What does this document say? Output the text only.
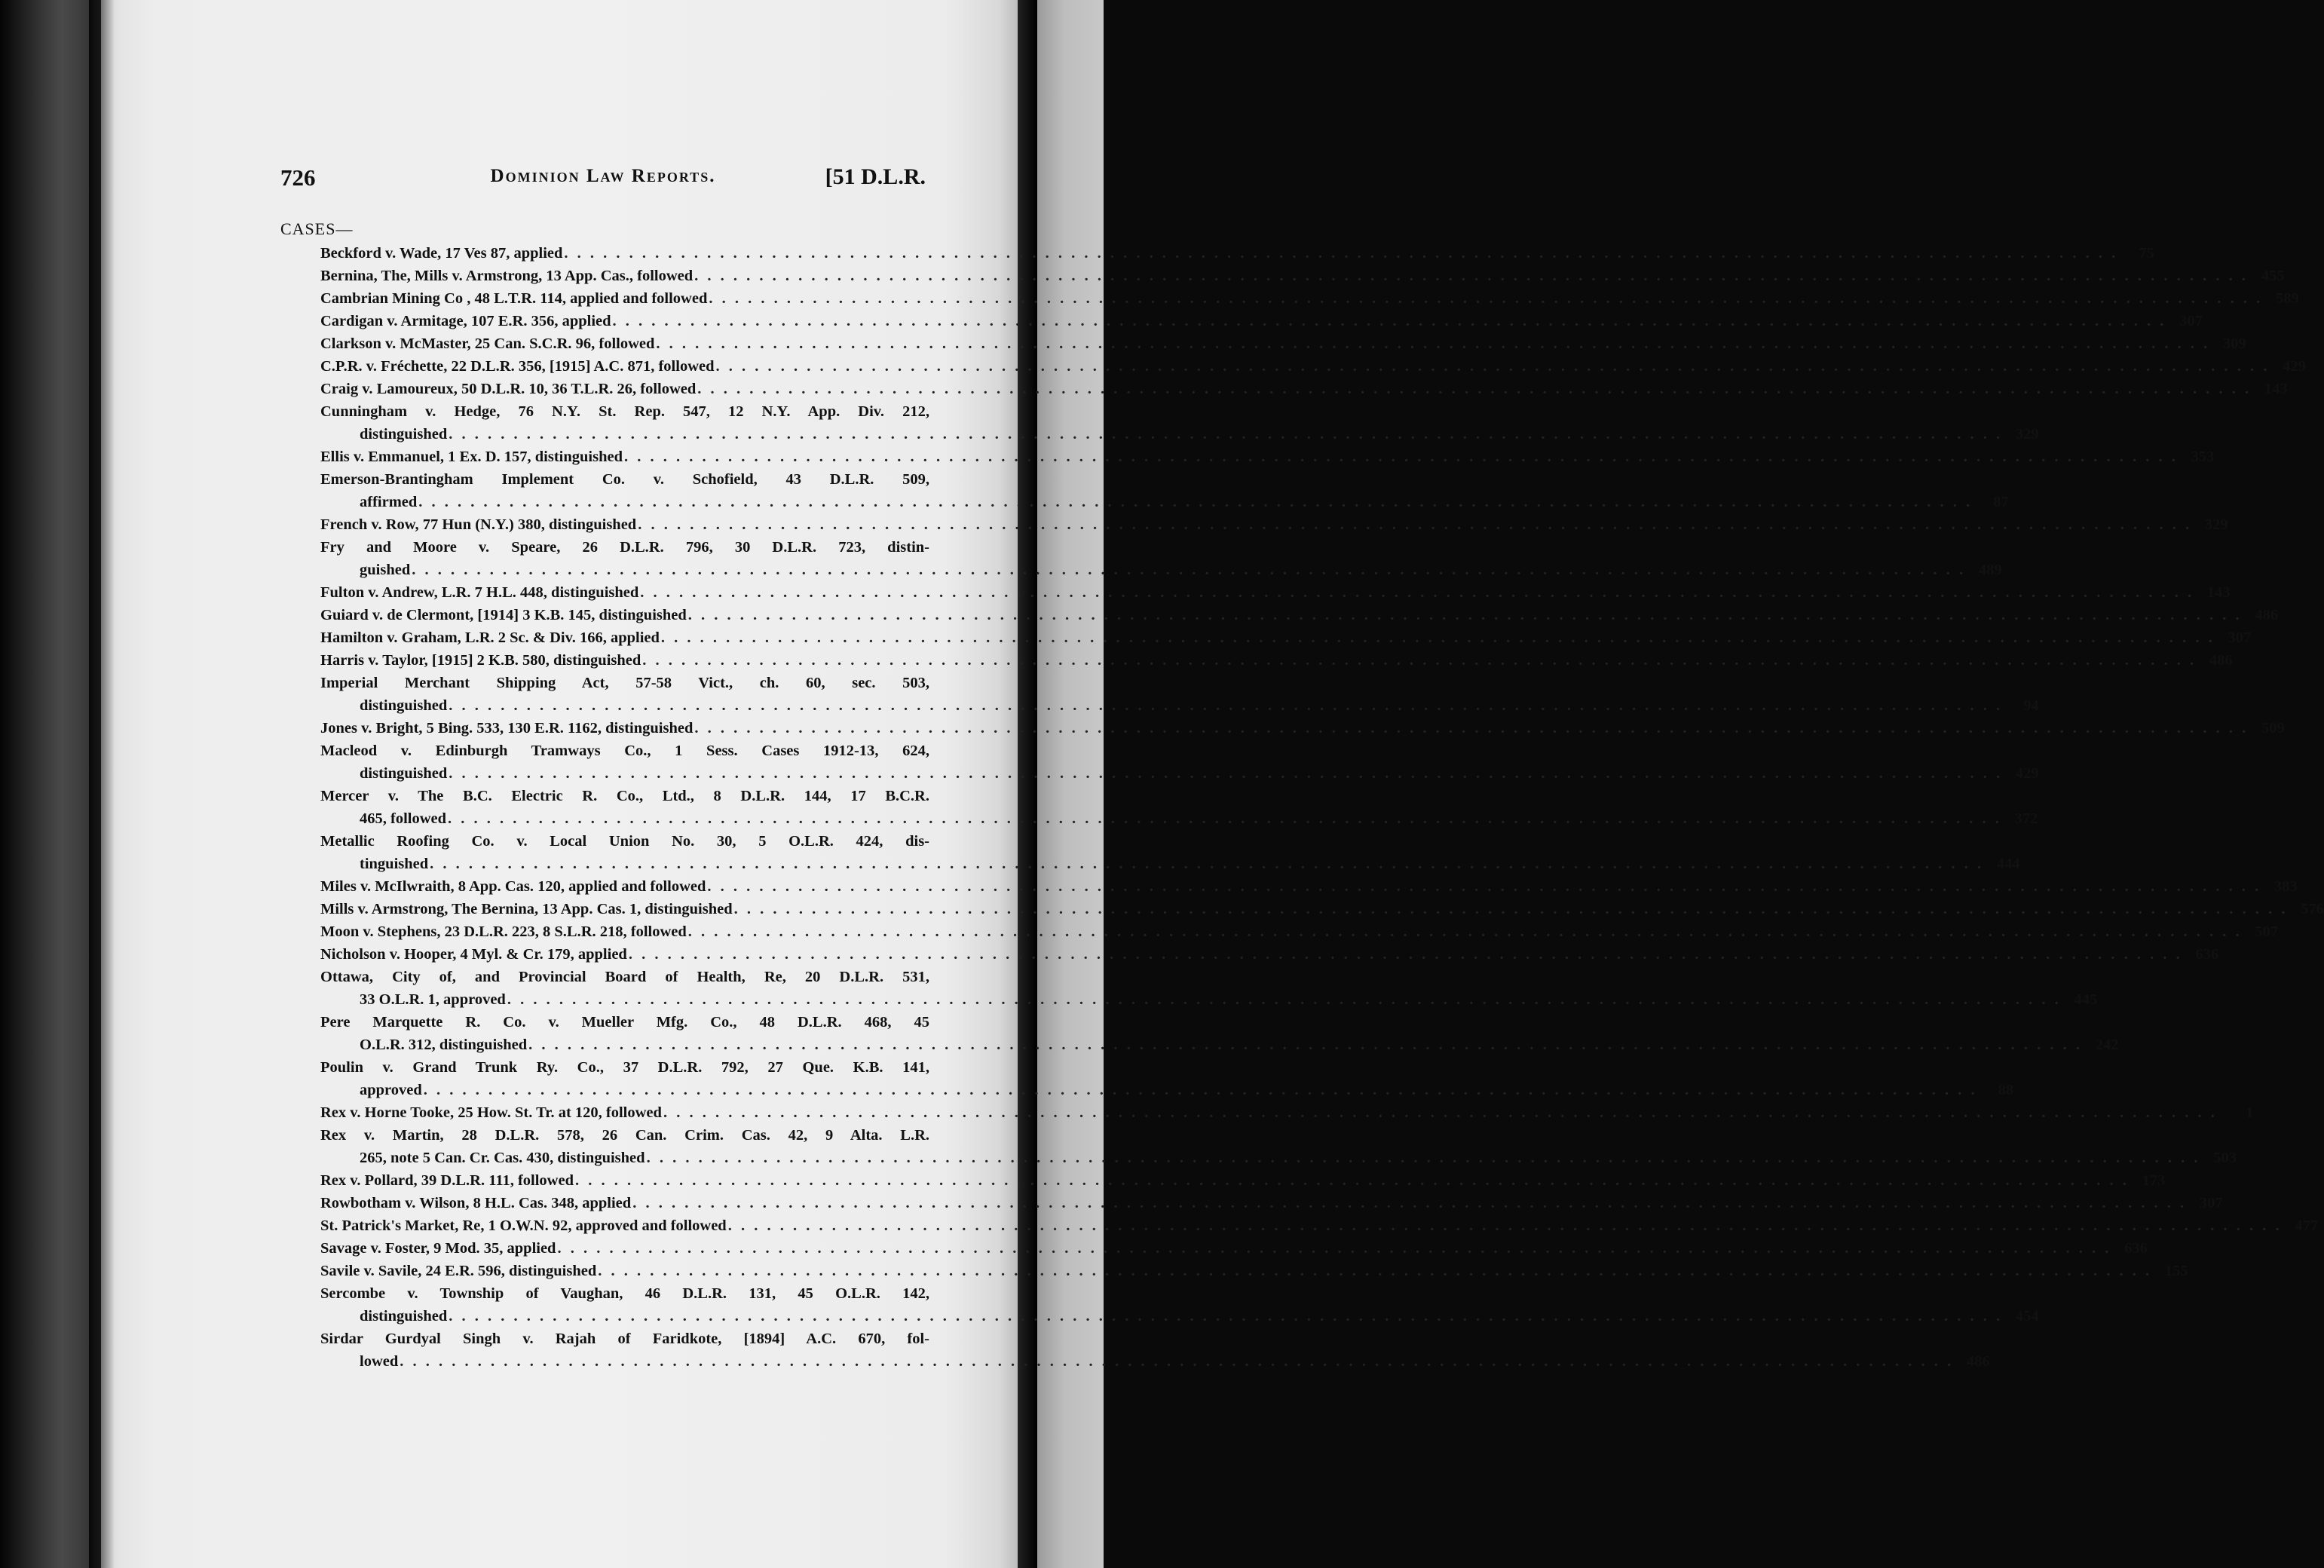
726	Dominion Law Reports.	[51 D.L.R.
CASES—
Beckford v. Wade, 17 Ves 87, applied . . . . . . . . . . . . . . . . . . . . . . . . . . . . . . . . . . . . . . . . . . . . . . . . . . . . . . . . . . . . . . . . . . . . . . . . . . . . . . . . . . . . . . . . . . . . . . . . . . . . . . . . . . . . . . . . . . . . . . . .	75
Bernina, The, Mills v. Armstrong, 13 App. Cas., followed . . . . . . . . . . . . . . . . . . . . . . . . . . . . . . . . . . . . . . . . . . . . . . . . . . . . . . . . . . . . . . . . . . . . . . . . . . . . . . . . . . . . . . . . . . . . . . . . . . . . . . . . . . . . . . . . . . . . . . . . 455
Cambrian Mining Co , 48 L.T.R. 114, applied and followed . . . . . . . . . . . . . . . . . . . . . . . . . . . . . . . . . . . . . . . . . . . . . . . . . . . . . . . . . . . . . . . . . . . . . . . . . . . . . . . . . . . . . . . . . . . . . . . . . . . . . . . . . . . . . . . . . . . . . . . . 589
Cardigan v. Armitage, 107 E.R. 356, applied . . . . . . . . . . . . . . . . . . . . . . . . . . . . . . . . . . . . . . . . . . . . . . . . . . . . . . . . . . . . . . . . . . . . . . . . . . . . . . . . . . . . . . . . . . . . . . . . . . . . . . . . . . . . . . . . . . . . . . . . 307
Clarkson v. McMaster, 25 Can. S.C.R. 96, followed . . . . . . . . . . . . . . . . . . . . . . . . . . . . . . . . . . . . . . . . . . . . . . . . . . . . . . . . . . . . . . . . . . . . . . . . . . . . . . . . . . . . . . . . . . . . . . . . . . . . . . . . . . . . . . . . . . . . . . . . 309
C.P.R. v. Fréchette, 22 D.L.R. 356, [1915] A.C. 871, followed . . . . . . . . . . . . . . . . . . . . . . . . . . . . . . . . . . . . . . . . . . . . . . . . . . . . . . . . . . . . . . . . . . . . . . . . . . . . . . . . . . . . . . . . . . . . . . . . . . . . . . . . . . . . . . . . . . . . . . . . 429
Craig v. Lamoureux, 50 D.L.R. 10, 36 T.L.R. 26, followed . . . . . . . . . . . . . . . . . . . . . . . . . . . . . . . . . . . . . . . . . . . . . . . . . . . . . . . . . . . . . . . . . . . . . . . . . . . . . . . . . . . . . . . . . . . . . . . . . . . . . . . . . . . . . . . . . . . . . . . . 143
Cunningham v. Hedge, 76 N.Y. St. Rep. 547, 12 N.Y. App. Div. 212,
distinguished . . . . . . . . . . . . . . . . . . . . . . . . . . . . . . . . . . . . . . . . . . . . . . . . . . . . . . . . . . . . . . . . . . . . . . . . . . . . . . . . . . . . . . . . . . . . . . . . . . . . . . . . . . . . . . . . . . . . . . . . 329
Ellis v. Emmanuel, 1 Ex. D. 157, distinguished . . . . . . . . . . . . . . . . . . . . . . . . . . . . . . . . . . . . . . . . . . . . . . . . . . . . . . . . . . . . . . . . . . . . . . . . . . . . . . . . . . . . . . . . . . . . . . . . . . . . . . . . . . . . . . . . . . . . . . . . 353
Emerson-Brantingham Implement Co. v. Schofield, 43 D.L.R. 509,
affirmed . . . . . . . . . . . . . . . . . . . . . . . . . . . . . . . . . . . . . . . . . . . . . . . . . . . . . . . . . . . . . . . . . . . . . . . . . . . . . . . . . . . . . . . . . . . . . . . . . . . . . . . . . . . . . . . . . . . . . . . .	87
French v. Row, 77 Hun (N.Y.) 380, distinguished . . . . . . . . . . . . . . . . . . . . . . . . . . . . . . . . . . . . . . . . . . . . . . . . . . . . . . . . . . . . . . . . . . . . . . . . . . . . . . . . . . . . . . . . . . . . . . . . . . . . . . . . . . . . . . . . . . . . . . . . 329
Fry and Moore v. Speare, 26 D.L.R. 796, 30 D.L.R. 723, distin-
guished . . . . . . . . . . . . . . . . . . . . . . . . . . . . . . . . . . . . . . . . . . . . . . . . . . . . . . . . . . . . . . . . . . . . . . . . . . . . . . . . . . . . . . . . . . . . . . . . . . . . . . . . . . . . . . . . . . . . . . . . 489
Fulton v. Andrew, L.R. 7 H.L. 448, distinguished . . . . . . . . . . . . . . . . . . . . . . . . . . . . . . . . . . . . . . . . . . . . . . . . . . . . . . . . . . . . . . . . . . . . . . . . . . . . . . . . . . . . . . . . . . . . . . . . . . . . . . . . . . . . . . . . . . . . . . . . 143
Guiard v. de Clermont, [1914] 3 K.B. 145, distinguished . . . . . . . . . . . . . . . . . . . . . . . . . . . . . . . . . . . . . . . . . . . . . . . . . . . . . . . . . . . . . . . . . . . . . . . . . . . . . . . . . . . . . . . . . . . . . . . . . . . . . . . . . . . . . . . . . . . . . . . . 486
Hamilton v. Graham, L.R. 2 Sc. & Div. 166, applied . . . . . . . . . . . . . . . . . . . . . . . . . . . . . . . . . . . . . . . . . . . . . . . . . . . . . . . . . . . . . . . . . . . . . . . . . . . . . . . . . . . . . . . . . . . . . . . . . . . . . . . . . . . . . . . . . . . . . . . . 307
Harris v. Taylor, [1915] 2 K.B. 580, distinguished . . . . . . . . . . . . . . . . . . . . . . . . . . . . . . . . . . . . . . . . . . . . . . . . . . . . . . . . . . . . . . . . . . . . . . . . . . . . . . . . . . . . . . . . . . . . . . . . . . . . . . . . . . . . . . . . . . . . . . . . 486
Imperial Merchant Shipping Act, 57-58 Vict., ch. 60, sec. 503,
distinguished . . . . . . . . . . . . . . . . . . . . . . . . . . . . . . . . . . . . . . . . . . . . . . . . . . . . . . . . . . . . . . . . . . . . . . . . . . . . . . . . . . . . . . . . . . . . . . . . . . . . . . . . . . . . . . . . . . . . . . . .	94
Jones v. Bright, 5 Bing. 533, 130 E.R. 1162, distinguished . . . . . . . . . . . . . . . . . . . . . . . . . . . . . . . . . . . . . . . . . . . . . . . . . . . . . . . . . . . . . . . . . . . . . . . . . . . . . . . . . . . . . . . . . . . . . . . . . . . . . . . . . . . . . . . . . . . . . . . . 509
Macleod v. Edinburgh Tramways Co., 1 Sess. Cases 1912-13, 624,
distinguished . . . . . . . . . . . . . . . . . . . . . . . . . . . . . . . . . . . . . . . . . . . . . . . . . . . . . . . . . . . . . . . . . . . . . . . . . . . . . . . . . . . . . . . . . . . . . . . . . . . . . . . . . . . . . . . . . . . . . . . . 429
Mercer v. The B.C. Electric R. Co., Ltd., 8 D.L.R. 144, 17 B.C.R.
465, followed . . . . . . . . . . . . . . . . . . . . . . . . . . . . . . . . . . . . . . . . . . . . . . . . . . . . . . . . . . . . . . . . . . . . . . . . . . . . . . . . . . . . . . . . . . . . . . . . . . . . . . . . . . . . . . . . . . . . . . . . 372
Metallic Roofing Co. v. Local Union No. 30, 5 O.L.R. 424, dis-
tinguished . . . . . . . . . . . . . . . . . . . . . . . . . . . . . . . . . . . . . . . . . . . . . . . . . . . . . . . . . . . . . . . . . . . . . . . . . . . . . . . . . . . . . . . . . . . . . . . . . . . . . . . . . . . . . . . . . . . . . . . . 444
Miles v. McIlwraith, 8 App. Cas. 120, applied and followed . . . . . . . . . . . . . . . . . . . . . . . . . . . . . . . . . . . . . . . . . . . . . . . . . . . . . . . . . . . . . . . . . . . . . . . . . . . . . . . . . . . . . . . . . . . . . . . . . . . . . . . . . . . . . . . . . . . . . . . . 383
Mills v. Armstrong, The Bernina, 13 App. Cas. 1, distinguished . . . . . . . . . . . . . . . . . . . . . . . . . . . . . . . . . . . . . . . . . . . . . . . . . . . . . . . . . . . . . . . . . . . . . . . . . . . . . . . . . . . . . . . . . . . . . . . . . . . . . . . . . . . . . . . . . . . . . . . . 576
Moon v. Stephens, 23 D.L.R. 223, 8 S.L.R. 218, followed . . . . . . . . . . . . . . . . . . . . . . . . . . . . . . . . . . . . . . . . . . . . . . . . . . . . . . . . . . . . . . . . . . . . . . . . . . . . . . . . . . . . . . . . . . . . . . . . . . . . . . . . . . . . . . . . . . . . . . . . 507
Nicholson v. Hooper, 4 Myl. & Cr. 179, applied . . . . . . . . . . . . . . . . . . . . . . . . . . . . . . . . . . . . . . . . . . . . . . . . . . . . . . . . . . . . . . . . . . . . . . . . . . . . . . . . . . . . . . . . . . . . . . . . . . . . . . . . . . . . . . . . . . . . . . . . 636
Ottawa, City of, and Provincial Board of Health, Re, 20 D.L.R. 531,
33 O.L.R. 1, approved . . . . . . . . . . . . . . . . . . . . . . . . . . . . . . . . . . . . . . . . . . . . . . . . . . . . . . . . . . . . . . . . . . . . . . . . . . . . . . . . . . . . . . . . . . . . . . . . . . . . . . . . . . . . . . . . . . . . . . . . 445
Pere Marquette R. Co. v. Mueller Mfg. Co., 48 D.L.R. 468, 45
O.L.R. 312, distinguished . . . . . . . . . . . . . . . . . . . . . . . . . . . . . . . . . . . . . . . . . . . . . . . . . . . . . . . . . . . . . . . . . . . . . . . . . . . . . . . . . . . . . . . . . . . . . . . . . . . . . . . . . . . . . . . . . . . . . . . . 242
Poulin v. Grand Trunk Ry. Co., 37 D.L.R. 792, 27 Que. K.B. 141,
approved . . . . . . . . . . . . . . . . . . . . . . . . . . . . . . . . . . . . . . . . . . . . . . . . . . . . . . . . . . . . . . . . . . . . . . . . . . . . . . . . . . . . . . . . . . . . . . . . . . . . . . . . . . . . . . . . . . . . . . . .	88
Rex v. Horne Tooke, 25 How. St. Tr. at 120, followed . . . . . . . . . . . . . . . . . . . . . . . . . . . . . . . . . . . . . . . . . . . . . . . . . . . . . . . . . . . . . . . . . . . . . . . . . . . . . . . . . . . . . . . . . . . . . . . . . . . . . . . . . . . . . . . . . . . . . . . .	1
Rex v. Martin, 28 D.L.R. 578, 26 Can. Crim. Cas. 42, 9 Alta. L.R.
265, note 5 Can. Cr. Cas. 430, distinguished . . . . . . . . . . . . . . . . . . . . . . . . . . . . . . . . . . . . . . . . . . . . . . . . . . . . . . . . . . . . . . . . . . . . . . . . . . . . . . . . . . . . . . . . . . . . . . . . . . . . . . . . . . . . . . . . . . . . . . . . 503
Rex v. Pollard, 39 D.L.R. 111, followed . . . . . . . . . . . . . . . . . . . . . . . . . . . . . . . . . . . . . . . . . . . . . . . . . . . . . . . . . . . . . . . . . . . . . . . . . . . . . . . . . . . . . . . . . . . . . . . . . . . . . . . . . . . . . . . . . . . . . . . . 173
Rowbotham v. Wilson, 8 H.L. Cas. 348, applied . . . . . . . . . . . . . . . . . . . . . . . . . . . . . . . . . . . . . . . . . . . . . . . . . . . . . . . . . . . . . . . . . . . . . . . . . . . . . . . . . . . . . . . . . . . . . . . . . . . . . . . . . . . . . . . . . . . . . . . . 307
St. Patrick's Market, Re, 1 O.W.N. 92, approved and followed . . . . . . . . . . . . . . . . . . . . . . . . . . . . . . . . . . . . . . . . . . . . . . . . . . . . . . . . . . . . . . . . . . . . . . . . . . . . . . . . . . . . . . . . . . . . . . . . . . . . . . . . . . . . . . . . . . . . . . . . 477
Savage v. Foster, 9 Mod. 35, applied . . . . . . . . . . . . . . . . . . . . . . . . . . . . . . . . . . . . . . . . . . . . . . . . . . . . . . . . . . . . . . . . . . . . . . . . . . . . . . . . . . . . . . . . . . . . . . . . . . . . . . . . . . . . . . . . . . . . . . . . 636
Savile v. Savile, 24 E.R. 596, distinguished . . . . . . . . . . . . . . . . . . . . . . . . . . . . . . . . . . . . . . . . . . . . . . . . . . . . . . . . . . . . . . . . . . . . . . . . . . . . . . . . . . . . . . . . . . . . . . . . . . . . . . . . . . . . . . . . . . . . . . . . 155
Sercombe v. Township of Vaughan, 46 D.L.R. 131, 45 O.L.R. 142,
distinguished . . . . . . . . . . . . . . . . . . . . . . . . . . . . . . . . . . . . . . . . . . . . . . . . . . . . . . . . . . . . . . . . . . . . . . . . . . . . . . . . . . . . . . . . . . . . . . . . . . . . . . . . . . . . . . . . . . . . . . . . 454
Sirdar Gurdyal Singh v. Rajah of Faridkote, [1894] A.C. 670, fol-
lowed . . . . . . . . . . . . . . . . . . . . . . . . . . . . . . . . . . . . . . . . . . . . . . . . . . . . . . . . . . . . . . . . . . . . . . . . . . . . . . . . . . . . . . . . . . . . . . . . . . . . . . . . . . . . . . . . . . . . . . . . 486
